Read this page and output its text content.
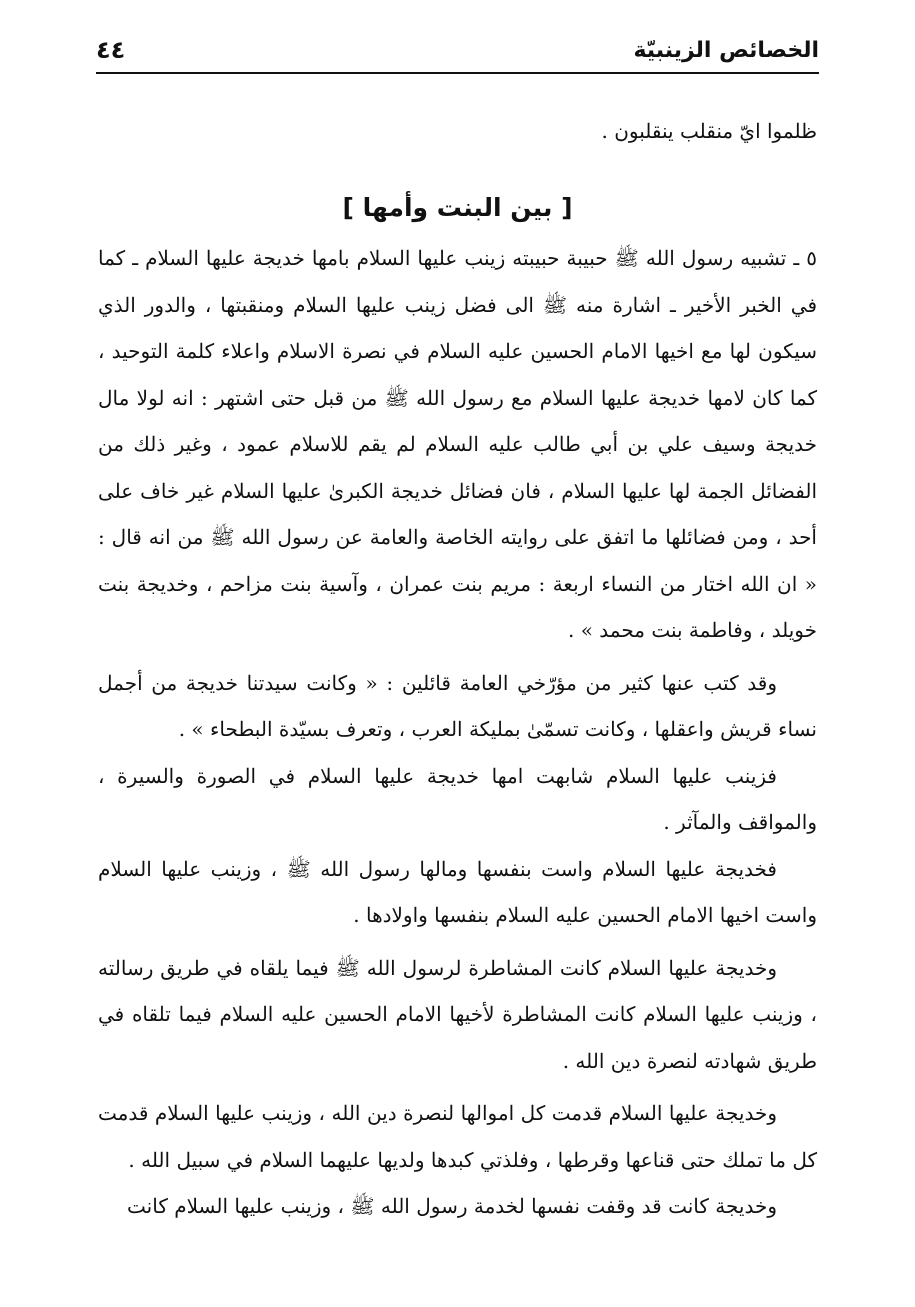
الخصائص الزينبيّة
٤٤

ظلموا ايّ منقلب ينقلبون .

[ بين البنت وأمها ]

٥ ـ تشبيه رسول الله ﷺ حبيبة حبيبته زينب عليها السلام بامها خديجة عليها السلام ـ كما في الخبر الأخير ـ اشارة منه ﷺ الى فضل زينب عليها السلام ومنقبتها ، والدور الذي سيكون لها مع اخيها الامام الحسين عليه السلام في نصرة الاسلام واعلاء كلمة التوحيد ، كما كان لامها خديجة عليها السلام مع رسول الله ﷺ من قبل حتى اشتهر : انه لولا مال خديجة وسيف علي بن أبي طالب عليه السلام لم يقم للاسلام عمود ، وغير ذلك من الفضائل الجمة لها عليها السلام ، فان فضائل خديجة الكبرىٰ عليها السلام غير خاف على أحد ، ومن فضائلها ما اتفق على روايته الخاصة والعامة عن رسول الله ﷺ من انه قال : « ان الله اختار من النساء اربعة : مريم بنت عمران ، وآسية بنت مزاحم ، وخديجة بنت خويلد ، وفاطمة بنت محمد » .

وقد كتب عنها كثير من مؤرّخي العامة قائلين : « وكانت سيدتنا خديجة من أجمل نساء قريش واعقلها ، وكانت تسمّىٰ بمليكة العرب ، وتعرف بسيّدة البطحاء » .

فزينب عليها السلام شابهت امها خديجة عليها السلام في الصورة والسيرة ، والمواقف والمآثر .

فخديجة عليها السلام واست بنفسها ومالها رسول الله ﷺ ، وزينب عليها السلام واست اخيها الامام الحسين عليه السلام بنفسها واولادها .

وخديجة عليها السلام كانت المشاطرة لرسول الله ﷺ فيما يلقاه في طريق رسالته ، وزينب عليها السلام كانت المشاطرة لأخيها الامام الحسين عليه السلام فيما تلقاه في طريق شهادته لنصرة دين الله .

وخديجة عليها السلام قدمت كل اموالها لنصرة دين الله ، وزينب عليها السلام قدمت كل ما تملك حتى قناعها وقرطها ، وفلذتي كبدها ولديها عليهما السلام في سبيل الله .

وخديجة كانت قد وقفت نفسها لخدمة رسول الله ﷺ ، وزينب عليها السلام كانت
